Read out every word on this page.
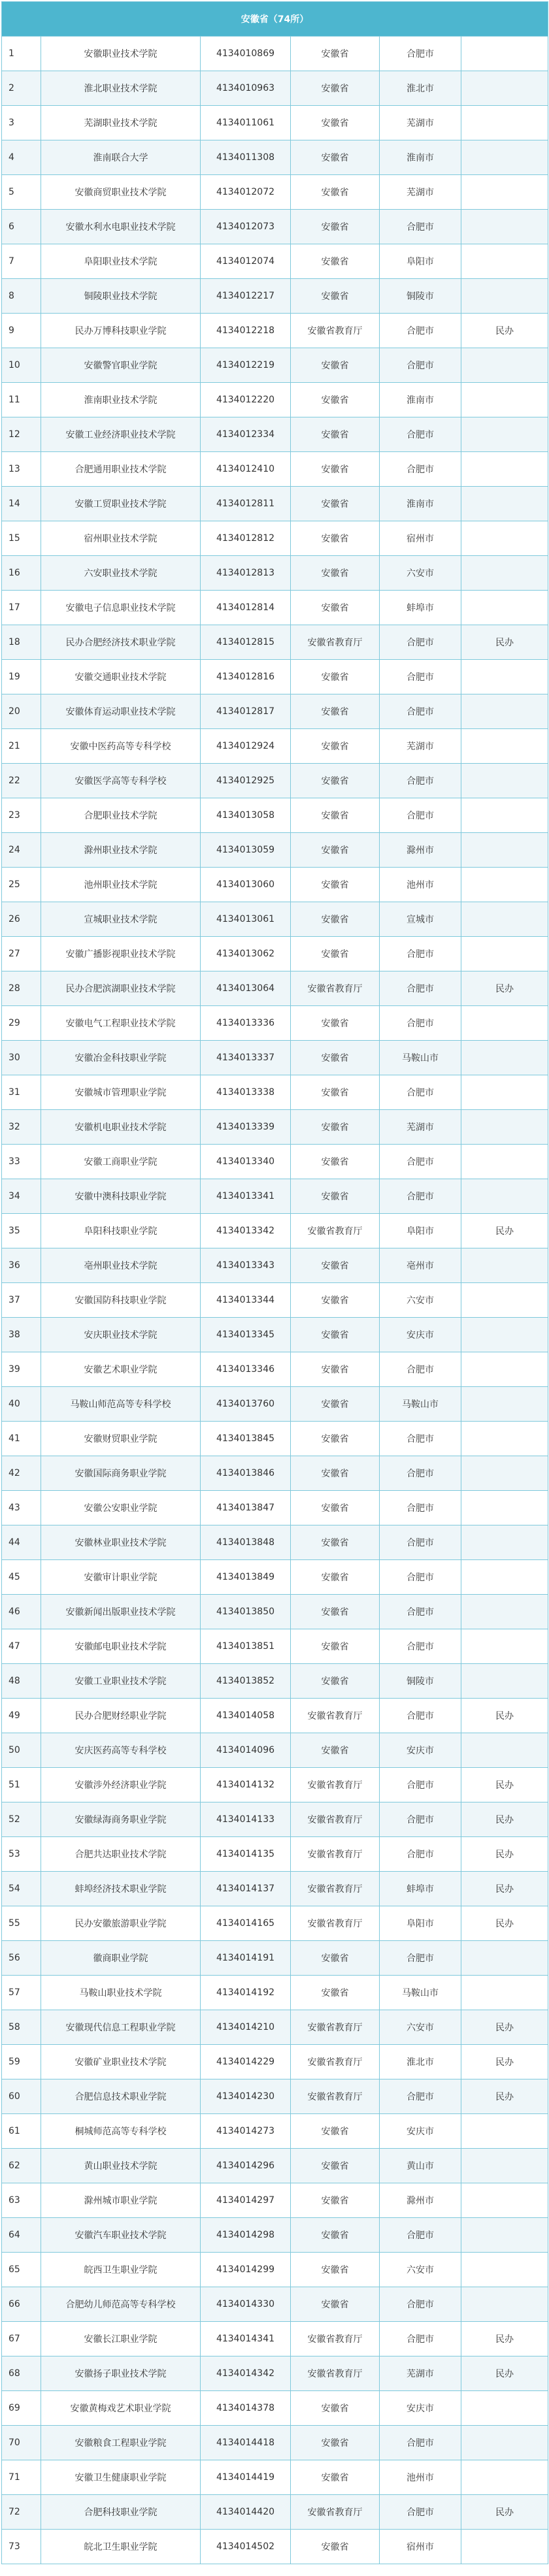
安徽省（74所）					
1	安徽职业技术学院	4134010869	安徽省	合肥市	
2	淮北职业技术学院	4134010963	安徽省	淮北市	
3	芜湖职业技术学院	4134011061	安徽省	芜湖市	
4	淮南联合大学	4134011308	安徽省	淮南市	
5	安徽商贸职业技术学院	4134012072	安徽省	芜湖市	
6	安徽水利水电职业技术学院	4134012073	安徽省	合肥市	
7	阜阳职业技术学院	4134012074	安徽省	阜阳市	
8	铜陵职业技术学院	4134012217	安徽省	铜陵市	
9	民办万博科技职业学院	4134012218	安徽省教育厅	合肥市	民办
10	安徽警官职业学院	4134012219	安徽省	合肥市	
11	淮南职业技术学院	4134012220	安徽省	淮南市	
12	安徽工业经济职业技术学院	4134012334	安徽省	合肥市	
13	合肥通用职业技术学院	4134012410	安徽省	合肥市	
14	安徽工贸职业技术学院	4134012811	安徽省	淮南市	
15	宿州职业技术学院	4134012812	安徽省	宿州市	
16	六安职业技术学院	4134012813	安徽省	六安市	
17	安徽电子信息职业技术学院	4134012814	安徽省	蚌埠市	
18	民办合肥经济技术职业学院	4134012815	安徽省教育厅	合肥市	民办
19	安徽交通职业技术学院	4134012816	安徽省	合肥市	
20	安徽体育运动职业技术学院	4134012817	安徽省	合肥市	
21	安徽中医药高等专科学校	4134012924	安徽省	芜湖市	
22	安徽医学高等专科学校	4134012925	安徽省	合肥市	
23	合肥职业技术学院	4134013058	安徽省	合肥市	
24	滁州职业技术学院	4134013059	安徽省	滁州市	
25	池州职业技术学院	4134013060	安徽省	池州市	
26	宣城职业技术学院	4134013061	安徽省	宣城市	
27	安徽广播影视职业技术学院	4134013062	安徽省	合肥市	
28	民办合肥滨湖职业技术学院	4134013064	安徽省教育厅	合肥市	民办
29	安徽电气工程职业技术学院	4134013336	安徽省	合肥市	
30	安徽冶金科技职业学院	4134013337	安徽省	马鞍山市	
31	安徽城市管理职业学院	4134013338	安徽省	合肥市	
32	安徽机电职业技术学院	4134013339	安徽省	芜湖市	
33	安徽工商职业学院	4134013340	安徽省	合肥市	
34	安徽中澳科技职业学院	4134013341	安徽省	合肥市	
35	阜阳科技职业学院	4134013342	安徽省教育厅	阜阳市	民办
36	亳州职业技术学院	4134013343	安徽省	亳州市	
37	安徽国防科技职业学院	4134013344	安徽省	六安市	
38	安庆职业技术学院	4134013345	安徽省	安庆市	
39	安徽艺术职业学院	4134013346	安徽省	合肥市	
40	马鞍山师范高等专科学校	4134013760	安徽省	马鞍山市	
41	安徽财贸职业学院	4134013845	安徽省	合肥市	
42	安徽国际商务职业学院	4134013846	安徽省	合肥市	
43	安徽公安职业学院	4134013847	安徽省	合肥市	
44	安徽林业职业技术学院	4134013848	安徽省	合肥市	
45	安徽审计职业学院	4134013849	安徽省	合肥市	
46	安徽新闻出版职业技术学院	4134013850	安徽省	合肥市	
47	安徽邮电职业技术学院	4134013851	安徽省	合肥市	
48	安徽工业职业技术学院	4134013852	安徽省	铜陵市	
49	民办合肥财经职业学院	4134014058	安徽省教育厅	合肥市	民办
50	安庆医药高等专科学校	4134014096	安徽省	安庆市	
51	安徽涉外经济职业学院	4134014132	安徽省教育厅	合肥市	民办
52	安徽绿海商务职业学院	4134014133	安徽省教育厅	合肥市	民办
53	合肥共达职业技术学院	4134014135	安徽省教育厅	合肥市	民办
54	蚌埠经济技术职业学院	4134014137	安徽省教育厅	蚌埠市	民办
55	民办安徽旅游职业学院	4134014165	安徽省教育厅	阜阳市	民办
56	徽商职业学院	4134014191	安徽省	合肥市	
57	马鞍山职业技术学院	4134014192	安徽省	马鞍山市	
58	安徽现代信息工程职业学院	4134014210	安徽省教育厅	六安市	民办
59	安徽矿业职业技术学院	4134014229	安徽省教育厅	淮北市	民办
60	合肥信息技术职业学院	4134014230	安徽省教育厅	合肥市	民办
61	桐城师范高等专科学校	4134014273	安徽省	安庆市	
62	黄山职业技术学院	4134014296	安徽省	黄山市	
63	滁州城市职业学院	4134014297	安徽省	滁州市	
64	安徽汽车职业技术学院	4134014298	安徽省	合肥市	
65	皖西卫生职业学院	4134014299	安徽省	六安市	
66	合肥幼儿师范高等专科学校	4134014330	安徽省	合肥市	
67	安徽长江职业学院	4134014341	安徽省教育厅	合肥市	民办
68	安徽扬子职业技术学院	4134014342	安徽省教育厅	芜湖市	民办
69	安徽黄梅戏艺术职业学院	4134014378	安徽省	安庆市	
70	安徽粮食工程职业学院	4134014418	安徽省	合肥市	
71	安徽卫生健康职业学院	4134014419	安徽省	池州市	
72	合肥科技职业学院	4134014420	安徽省教育厅	合肥市	民办
73	皖北卫生职业学院	4134014502	安徽省	宿州市	
